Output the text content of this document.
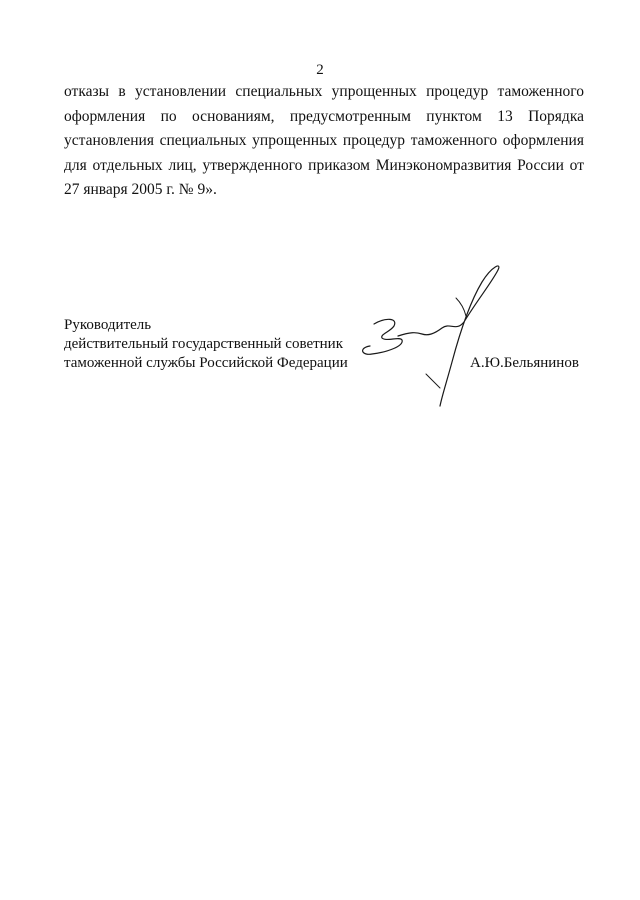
2
отказы в установлении специальных упрощенных процедур таможенного
оформления по основаниям, предусмотренным пунктом 13 Порядка
установления специальных упрощенных процедур таможенного оформления
для отдельных лиц, утвержденного приказом Минэкономразвития России от
27 января 2005 г. № 9».
Руководитель
действительный государственный советник
таможенной службы Российской Федерации	А.Ю.Бельянинов
